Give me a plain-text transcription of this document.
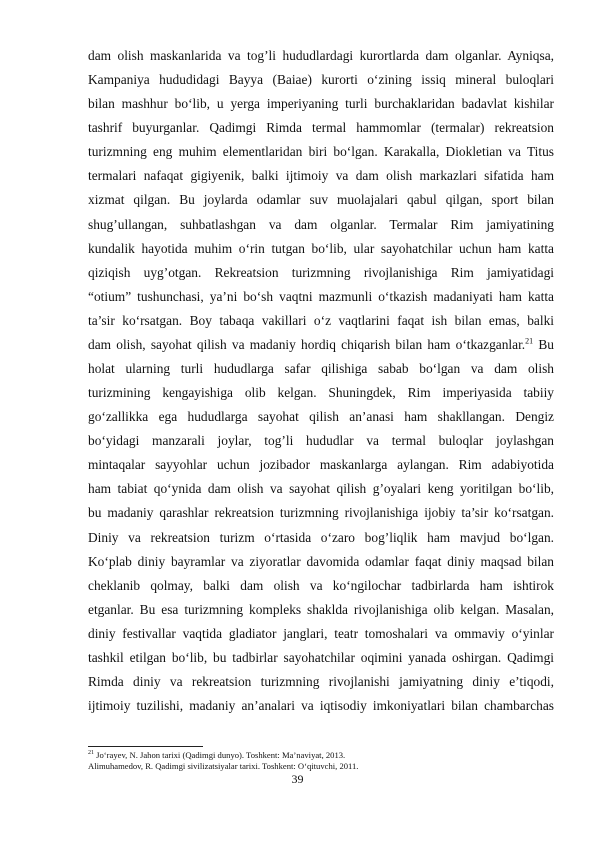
dam olish maskanlarida va tog’li hududlardagi kurortlarda dam olganlar. Ayniqsa,
Kampaniya hududidagi Bayya (Baiae) kurorti o‘zining issiq mineral buloqlari
bilan mashhur bo‘lib, u yerga imperiyaning turli burchaklaridan badavlat kishilar
tashrif buyurganlar. Qadimgi Rimda termal hammomlar (termalar) rekreatsion
turizmning eng muhim elementlaridan biri bo‘lgan. Karakalla, Diokletian va Titus
termalari nafaqat gigiyenik, balki ijtimoiy va dam olish markazlari sifatida ham
xizmat qilgan. Bu joylarda odamlar suv muolajalari qabul qilgan, sport bilan
shug’ullangan, suhbatlashgan va dam olganlar. Termalar Rim jamiyatining
kundalik hayotida muhim o‘rin tutgan bo‘lib, ular sayohatchilar uchun ham katta
qiziqish uyg’otgan. Rekreatsion turizmning rivojlanishiga Rim jamiyatidagi
“otium” tushunchasi, ya’ni bo‘sh vaqtni mazmunli o‘tkazish madaniyati ham katta
ta’sir ko‘rsatgan. Boy tabaqa vakillari o‘z vaqtlarini faqat ish bilan emas, balki
dam olish, sayohat qilish va madaniy hordiq chiqarish bilan ham o‘tkazganlar.$^{21}$ Bu
holat ularning turli hududlarga safar qilishiga sabab bo‘lgan va dam olish
turizmining kengayishiga olib kelgan. Shuningdek, Rim imperiyasida tabiiy
go‘zallikka ega hududlarga sayohat qilish an’anasi ham shakllangan. Dengiz
bo‘yidagi manzarali joylar, tog’li hududlar va termal buloqlar joylashgan
mintaqalar sayyohlar uchun jozibador maskanlarga aylangan. Rim adabiyotida
ham tabiat qo‘ynida dam olish va sayohat qilish g’oyalari keng yoritilgan bo‘lib,
bu madaniy qarashlar rekreatsion turizmning rivojlanishiga ijobiy ta’sir ko‘rsatgan.
Diniy va rekreatsion turizm o‘rtasida o‘zaro bog’liqlik ham mavjud bo‘lgan.
Ko‘plab diniy bayramlar va ziyoratlar davomida odamlar faqat diniy maqsad bilan
cheklanib qolmay, balki dam olish va ko‘ngilochar tadbirlarda ham ishtirok
etganlar. Bu esa turizmning kompleks shaklda rivojlanishiga olib kelgan. Masalan,
diniy festivallar vaqtida gladiator janglari, teatr tomoshalari va ommaviy o‘yinlar
tashkil etilgan bo‘lib, bu tadbirlar sayohatchilar oqimini yanada oshirgan. Qadimgi
Rimda diniy va rekreatsion turizmning rivojlanishi jamiyatning diniy e’tiqodi,
ijtimoiy tuzilishi, madaniy an’analari va iqtisodiy imkoniyatlari bilan chambarchas
$^{21}$ Jo‘rayev, N. Jahon tarixi (Qadimgi dunyo). Toshkent: Ma’naviyat, 2013.
Alimuhamedov, R. Qadimgi sivilizatsiyalar tarixi. Toshkent: O‘qituvchi, 2011.
39
